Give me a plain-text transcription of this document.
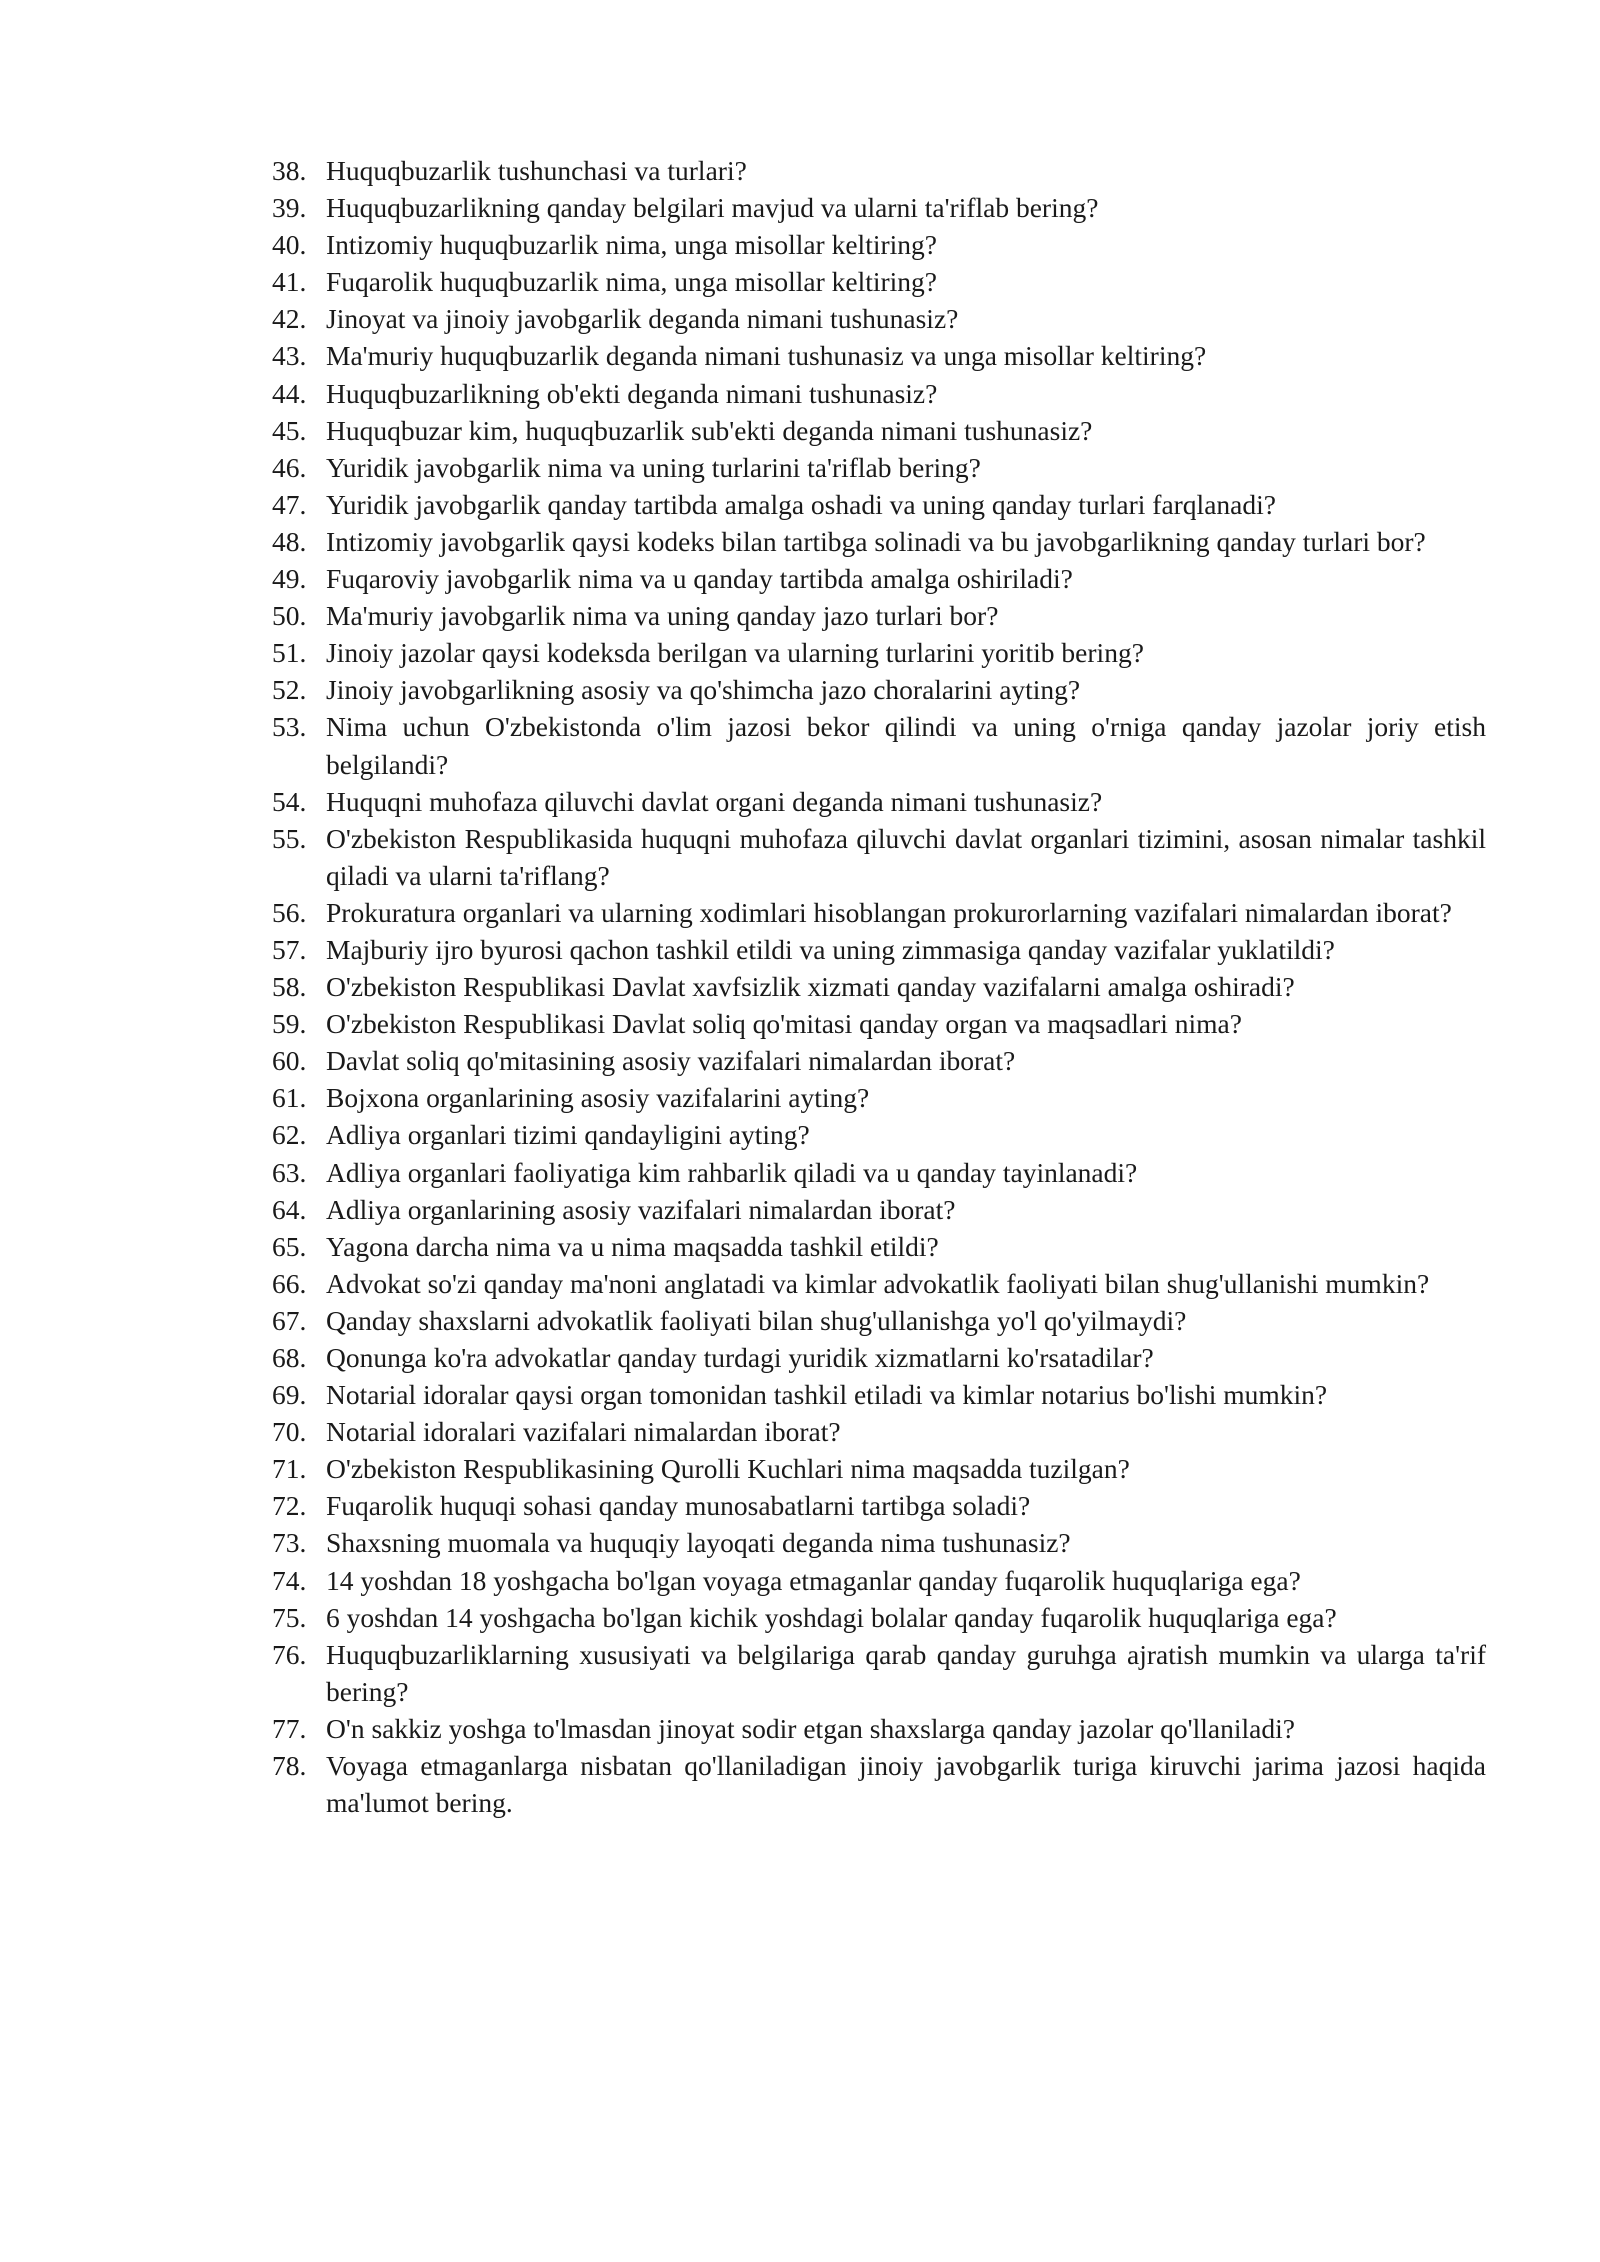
38. Huquqbuzarlik tushunchasi va turlari?
39. Huquqbuzarlikning qanday belgilari mavjud va ularni ta'riflab bering?
40. Intizomiy huquqbuzarlik nima, unga misollar keltiring?
41. Fuqarolik huquqbuzarlik nima, unga misollar keltiring?
42. Jinoyat va jinoiy javobgarlik deganda nimani tushunasiz?
43. Ma'muriy huquqbuzarlik deganda nimani tushunasiz va unga misollar keltiring?
44. Huquqbuzarlikning ob'ekti deganda nimani tushunasiz?
45. Huquqbuzar kim, huquqbuzarlik sub'ekti deganda nimani tushunasiz?
46. Yuridik javobgarlik nima va uning turlarini ta'riflab bering?
47. Yuridik javobgarlik qanday tartibda amalga oshadi va uning qanday turlari farqlanadi?
48. Intizomiy javobgarlik qaysi kodeks bilan tartibga solinadi va bu javobgarlikning qanday turlari bor?
49. Fuqaroviy javobgarlik nima va u qanday tartibda amalga oshiriladi?
50. Ma'muriy javobgarlik nima va uning qanday jazo turlari bor?
51. Jinoiy jazolar qaysi kodeksda berilgan va ularning turlarini yoritib bering?
52. Jinoiy javobgarlikning asosiy va qo'shimcha jazo choralarini ayting?
53. Nima uchun O'zbekistonda o'lim jazosi bekor qilindi va uning o'rniga qanday jazolar joriy etish belgilandi?
54. Huquqni muhofaza qiluvchi davlat organi deganda nimani tushunasiz?
55. O'zbekiston Respublikasida huquqni muhofaza qiluvchi davlat organlari tizimini, asosan nimalar tashkil qiladi va ularni ta'riflang?
56. Prokuratura organlari va ularning xodimlari hisoblangan prokurorlarning vazifalari nimalardan iborat?
57. Majburiy ijro byurosi qachon tashkil etildi va uning zimmasiga qanday vazifalar yuklatildi?
58. O'zbekiston Respublikasi Davlat xavfsizlik xizmati qanday vazifalarni amalga oshiradi?
59. O'zbekiston Respublikasi Davlat soliq qo'mitasi qanday organ va maqsadlari nima?
60. Davlat soliq qo'mitasining asosiy vazifalari nimalardan iborat?
61. Bojxona organlarining asosiy vazifalarini ayting?
62. Adliya organlari tizimi qandayligini ayting?
63. Adliya organlari faoliyatiga kim rahbarlik qiladi va u qanday tayinlanadi?
64. Adliya organlarining asosiy vazifalari nimalardan iborat?
65. Yagona darcha nima va u nima maqsadda tashkil etildi?
66. Advokat so'zi qanday ma'noni anglatadi va kimlar advokatlik faoliyati bilan shug'ullanishi mumkin?
67. Qanday shaxslarni advokatlik faoliyati bilan shug'ullanishga yo'l qo'yilmaydi?
68. Qonunga ko'ra advokatlar qanday turdagi yuridik xizmatlarni ko'rsatadilar?
69. Notarial idoralar qaysi organ tomonidan tashkil etiladi va kimlar notarius bo'lishi mumkin?
70. Notarial idoralari vazifalari nimalardan iborat?
71. O'zbekiston Respublikasining Qurolli Kuchlari nima maqsadda tuzilgan?
72. Fuqarolik huquqi sohasi qanday munosabatlarni tartibga soladi?
73. Shaxsning muomala va huquqiy layoqati deganda nima tushunasiz?
74. 14 yoshdan 18 yoshgacha bo'lgan voyaga etmaganlar qanday fuqarolik huquqlariga ega?
75. 6 yoshdan 14 yoshgacha bo'lgan kichik yoshdagi bolalar qanday fuqarolik huquqlariga ega?
76. Huquqbuzarliklarning xususiyati va belgilariga qarab qanday guruhga ajratish mumkin va ularga ta'rif bering?
77. O'n sakkiz yoshga to'lmasdan jinoyat sodir etgan shaxslarga qanday jazolar qo'llaniladi?
78. Voyaga etmaganlarga nisbatan qo'llaniladigan jinoiy javobgarlik turiga kiruvchi jarima jazosi haqida ma'lumot bering.
